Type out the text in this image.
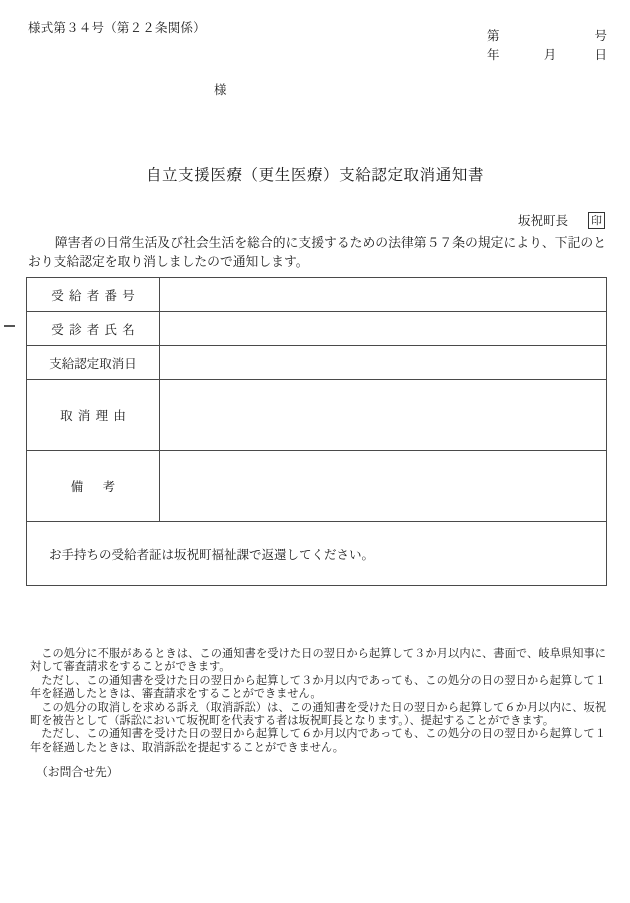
様式第３４号（第２２条関係）
第	号
年	月	日
様
自立支援医療（更生医療）支給認定取消通知書
坂祝町長 印
障害者の日常生活及び社会生活を総合的に支援するための法律第５７条の規定により、下記のとおり支給認定を取り消しましたので通知します。
受給者番号	
受診者氏名	
支給認定取消日	
取消理由	
備考	
お手持ちの受給者証は坂祝町福祉課で返還してください。	

この処分に不服があるときは、この通知書を受けた日の翌日から起算して３か月以内に、書面で、岐阜県知事に対して審査請求をすることができます。

ただし、この通知書を受けた日の翌日から起算して３か月以内であっても、この処分の日の翌日から起算して１年を経過したときは、審査請求をすることができません。

この処分の取消しを求める訴え（取消訴訟）は、この通知書を受けた日の翌日から起算して６か月以内に、坂祝町を被告として（訴訟において坂祝町を代表する者は坂祝町長となります。）、提起することができます。

ただし、この通知書を受けた日の翌日から起算して６か月以内であっても、この処分の日の翌日から起算して１年を経過したときは、取消訴訟を提起することができません。

（お問合せ先）
